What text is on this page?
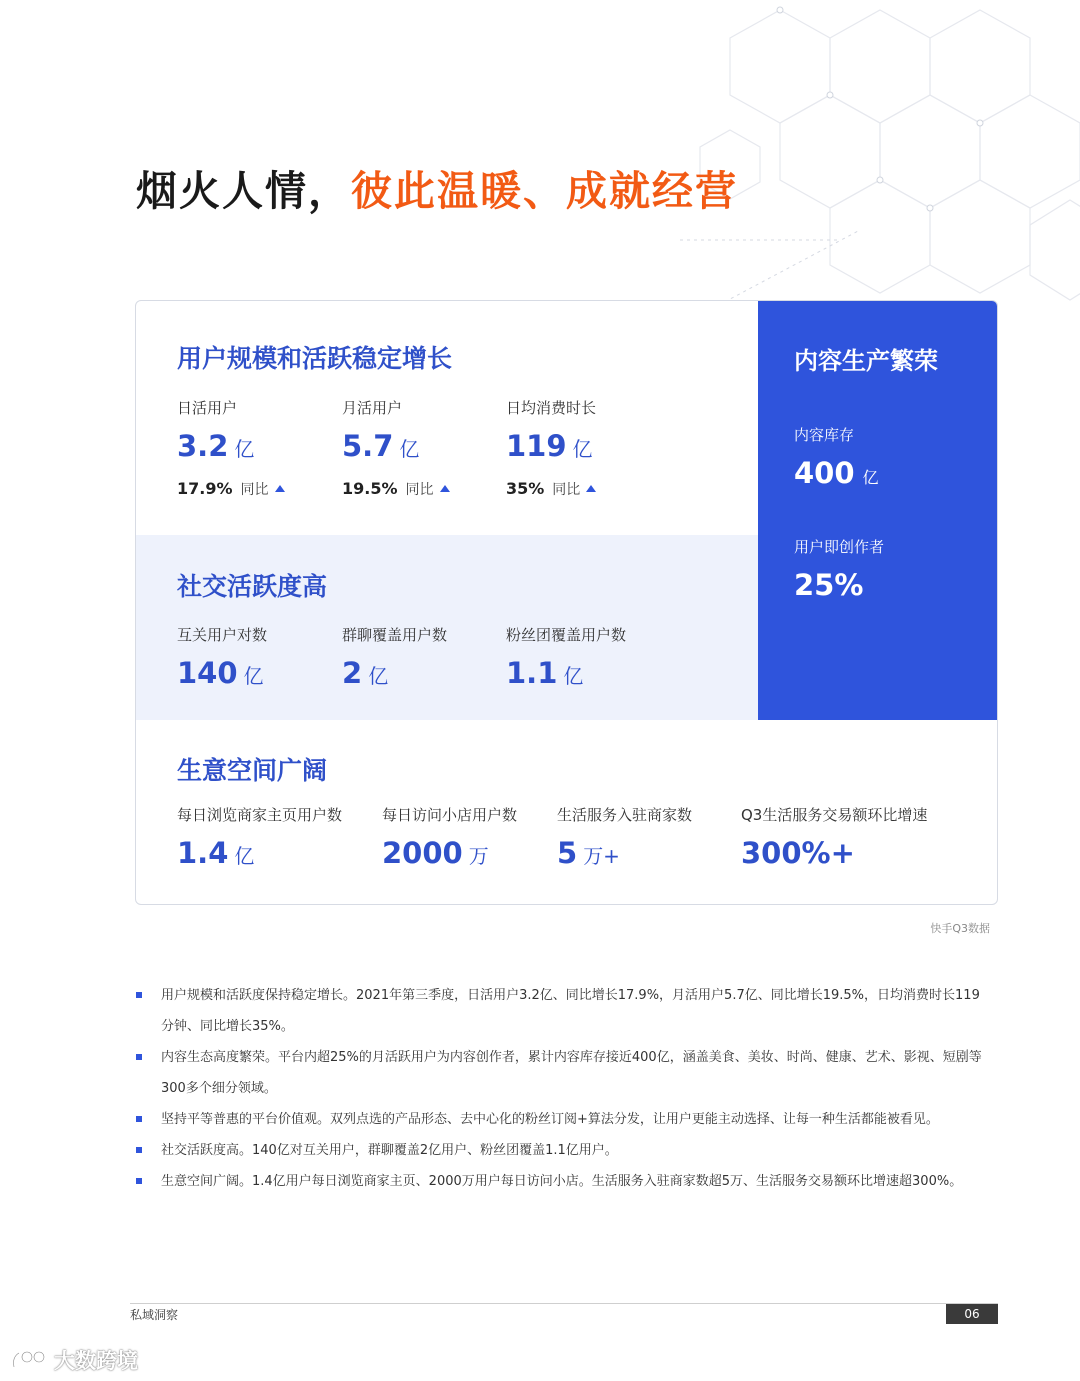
烟火人情，彼此温暖、成就经营
用户规模和活跃稳定增长
日活用户
3.2 亿
17.9% 同比
月活用户
5.7 亿
19.5% 同比
日均消费时长
119 亿
35% 同比
社交活跃度高
互关用户对数
140 亿
群聊覆盖用户数
2 亿
粉丝团覆盖用户数
1.1 亿
内容生产繁荣
内容库存
400 亿
用户即创作者
25%
生意空间广阔
每日浏览商家主页用户数
1.4 亿
每日访问小店用户数
2000 万
生活服务入驻商家数
5 万+
Q3生活服务交易额环比增速
300%+
快手Q3数据
用户规模和活跃度保持稳定增长。2021年第三季度，日活用户3.2亿、同比增长17.9%，月活用户5.7亿、同比增长19.5%，日均消费时长119分钟、同比增长35%。
内容生态高度繁荣。平台内超25%的月活跃用户为内容创作者，累计内容库存接近400亿，涵盖美食、美妆、时尚、健康、艺术、影视、短剧等300多个细分领域。
坚持平等普惠的平台价值观。双列点选的产品形态、去中心化的粉丝订阅+算法分发，让用户更能主动选择、让每一种生活都能被看见。
社交活跃度高。140亿对互关用户，群聊覆盖2亿用户、粉丝团覆盖1.1亿用户。
生意空间广阔。1.4亿用户每日浏览商家主页、2000万用户每日访问小店。生活服务入驻商家数超5万、生活服务交易额环比增速超300%。
私域洞察	06
大数跨境
